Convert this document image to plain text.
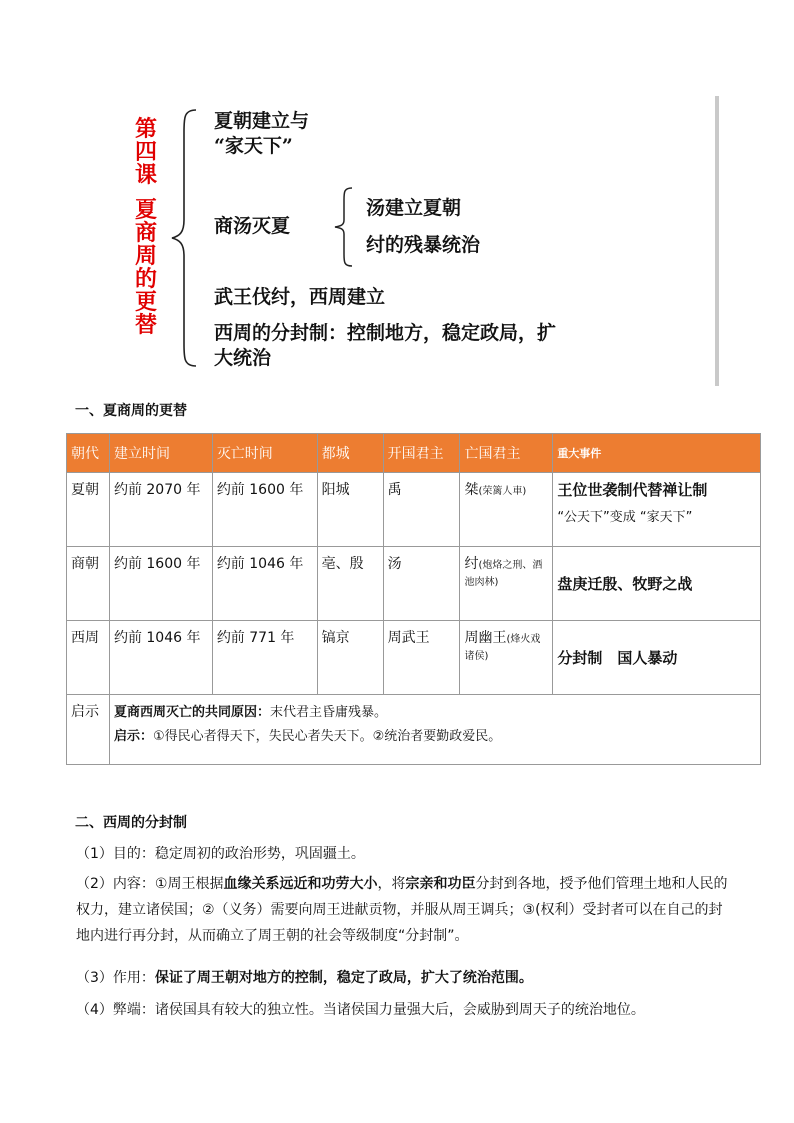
第
四
课
夏
商
周
的
更
替
夏朝建立与
“家天下”
商汤灭夏
汤建立夏朝
纣的残暴统治
武王伐纣，西周建立
西周的分封制：控制地方，稳定政局，扩
大统治
一、夏商周的更替
朝代	建立时间	灭亡时间	都城	开国君主	亡国君主	重大事件
夏朝	约前 2070 年	约前 1600 年	阳城	禹	桀(荣篱人車)	王位世袭制代替禅让制
“公天下”变成 “家天下”

商朝	约前 1600 年	约前 1046 年	亳、殷	汤	纣(炮烙之刑、酒池肉林)	盘庚迁殷、牧野之战

西周	约前 1046 年	约前 771 年	镐京	周武王	周幽王(烽火戏诸侯)	分封制　国人暴动

启示	夏商西周灭亡的共同原因：末代君主昏庸残暴。
启示：①得民心者得天下，失民心者失天下。②统治者要勤政爱民。					
二、西周的分封制
（1）目的：稳定周初的政治形势，巩固疆土。
（2）内容：①周王根据血缘关系远近和功劳大小，将宗亲和功臣分封到各地，授予他们管理土地和人民的权力，建立诸侯国；②（义务）需要向周王进献贡物，并服从周王调兵；③(权利）受封者可以在自己的封地内进行再分封，从而确立了周王朝的社会等级制度“分封制”。
（3）作用：保证了周王朝对地方的控制，稳定了政局，扩大了统治范围。
（4）弊端：诸侯国具有较大的独立性。当诸侯国力量强大后，会威胁到周天子的统治地位。
